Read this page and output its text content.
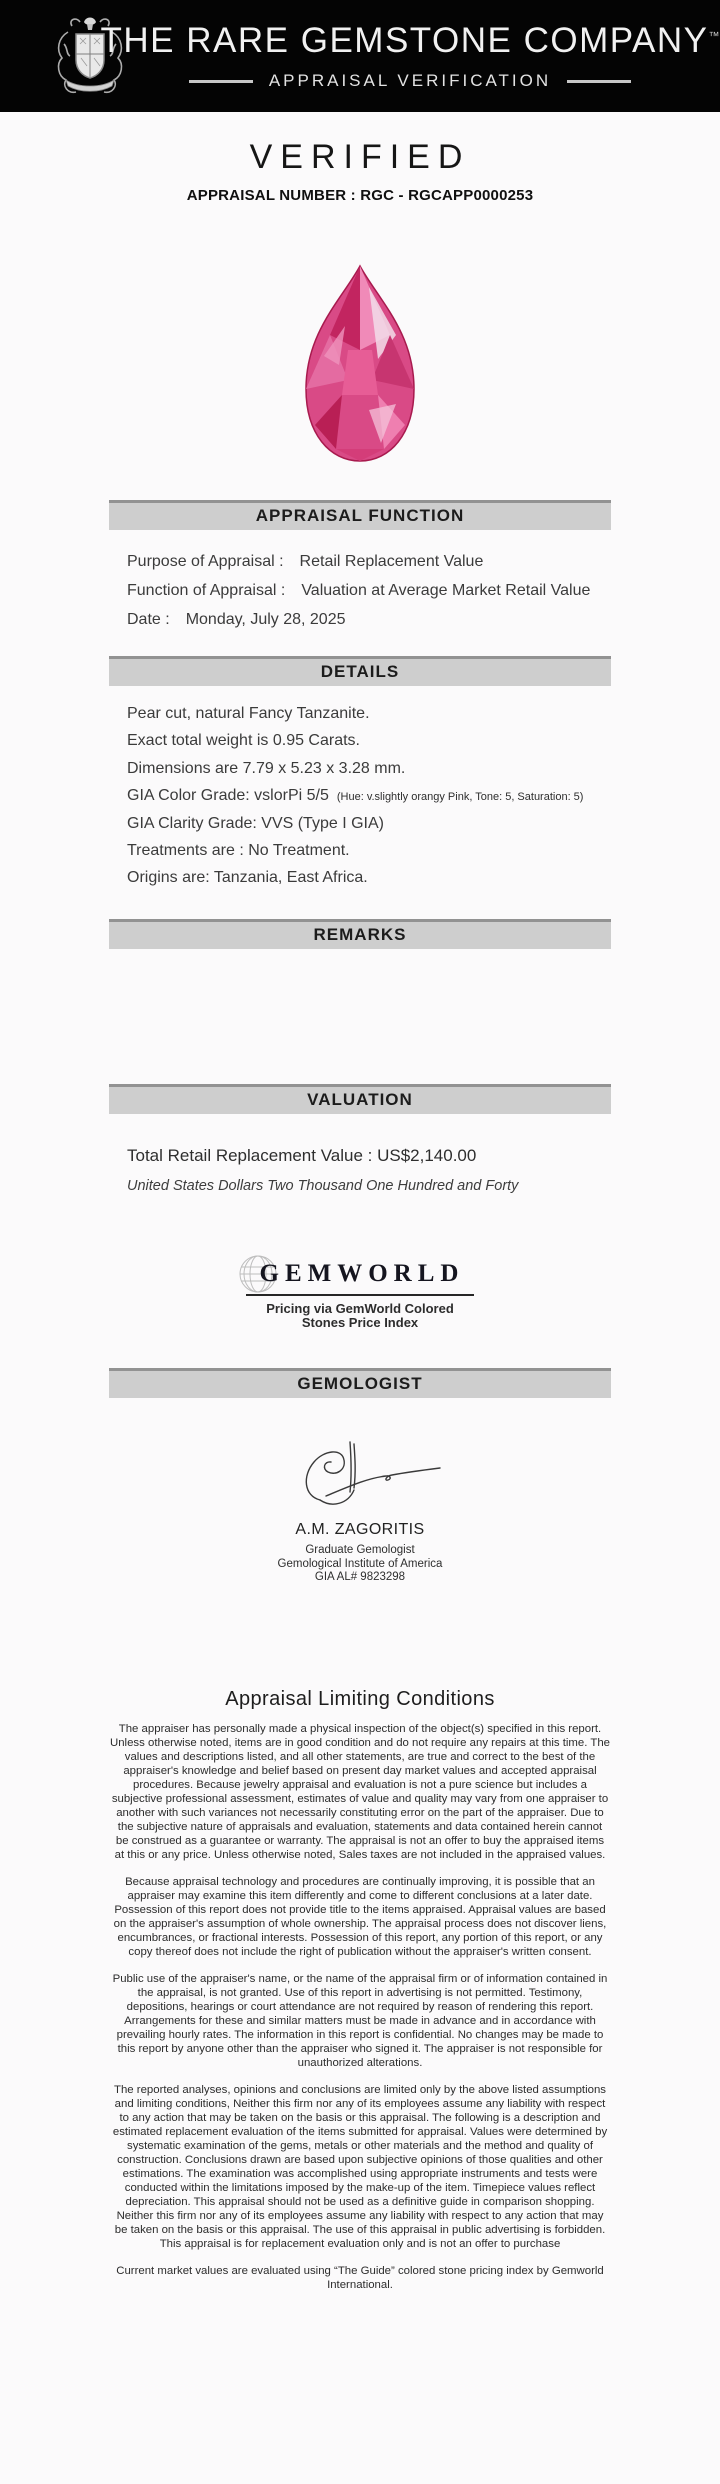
THE RARE GEMSTONE COMPANY™
APPRAISAL VERIFICATION
VERIFIED
APPRAISAL NUMBER : RGC - RGCAPP0000253
APPRAISAL FUNCTION
Purpose of Appraisal : Retail Replacement Value
Function of Appraisal : Valuation at Average Market Retail Value
Date : Monday, July 28, 2025
DETAILS
Pear cut, natural Fancy Tanzanite.
Exact total weight is 0.95 Carats.
Dimensions are 7.79 x 5.23 x 3.28 mm.
GIA Color Grade: vslorPi 5/5 (Hue: v.slightly orangy Pink, Tone: 5, Saturation: 5)
GIA Clarity Grade: VVS (Type I GIA)
Treatments are : No Treatment.
Origins are: Tanzania, East Africa.
REMARKS
VALUATION
Total Retail Replacement Value : US$2,140.00
United States Dollars Two Thousand One Hundred and Forty
GEMWORLD
Pricing via GemWorld Colored Stones Price Index
GEMOLOGIST
A.M. ZAGORITIS
Graduate Gemologist
Gemological Institute of America
GIA AL# 9823298
Appraisal Limiting Conditions

The appraiser has personally made a physical inspection of the object(s) specified in this report. Unless otherwise noted, items are in good condition and do not require any repairs at this time. The values and descriptions listed, and all other statements, are true and correct to the best of the appraiser's knowledge and belief based on present day market values and accepted appraisal procedures. Because jewelry appraisal and evaluation is not a pure science but includes a subjective professional assessment, estimates of value and quality may vary from one appraiser to another with such variances not necessarily constituting error on the part of the appraiser. Due to the subjective nature of appraisals and evaluation, statements and data contained herein cannot be construed as a guarantee or warranty. The appraisal is not an offer to buy the appraised items at this or any price. Unless otherwise noted, Sales taxes are not included in the appraised values.

Because appraisal technology and procedures are continually improving, it is possible that an appraiser may examine this item differently and come to different conclusions at a later date. Possession of this report does not provide title to the items appraised. Appraisal values are based on the appraiser's assumption of whole ownership. The appraisal process does not discover liens, encumbrances, or fractional interests. Possession of this report, any portion of this report, or any copy thereof does not include the right of publication without the appraiser's written consent.

Public use of the appraiser's name, or the name of the appraisal firm or of information contained in the appraisal, is not granted. Use of this report in advertising is not permitted. Testimony, depositions, hearings or court attendance are not required by reason of rendering this report. Arrangements for these and similar matters must be made in advance and in accordance with prevailing hourly rates. The information in this report is confidential. No changes may be made to this report by anyone other than the appraiser who signed it. The appraiser is not responsible for unauthorized alterations.

The reported analyses, opinions and conclusions are limited only by the above listed assumptions and limiting conditions, Neither this firm nor any of its employees assume any liability with respect to any action that may be taken on the basis or this appraisal. The following is a description and estimated replacement evaluation of the items submitted for appraisal. Values were determined by systematic examination of the gems, metals or other materials and the method and quality of construction. Conclusions drawn are based upon subjective opinions of those qualities and other estimations. The examination was accomplished using appropriate instruments and tests were conducted within the limitations imposed by the make-up of the item. Timepiece values reflect depreciation. This appraisal should not be used as a definitive guide in comparison shopping. Neither this firm nor any of its employees assume any liability with respect to any action that may be taken on the basis or this appraisal. The use of this appraisal in public advertising is forbidden. This appraisal is for replacement evaluation only and is not an offer to purchase

Current market values are evaluated using “The Guide” colored stone pricing index by Gemworld International.
